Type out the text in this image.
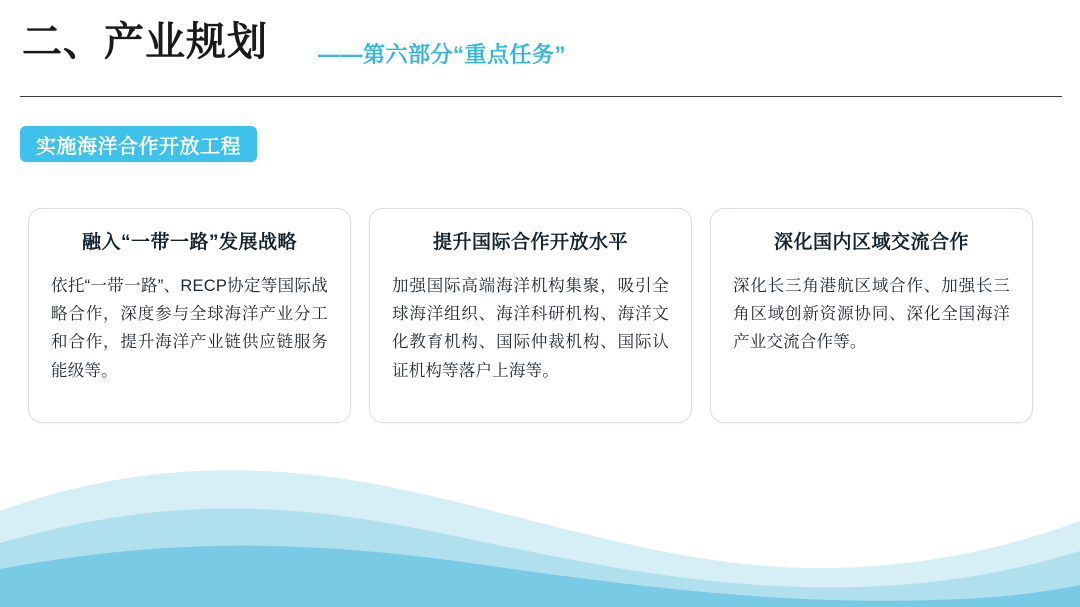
二、产业规划 ——第六部分“重点任务”
实施海洋合作开放工程
融入“一带一路”发展战略
依托“一带一路”、RECP协定等国际战略合作，深度参与全球海洋产业分工和合作，提升海洋产业链供应链服务能级等。
提升国际合作开放水平
加强国际高端海洋机构集聚，吸引全球海洋组织、海洋科研机构、海洋文化教育机构、国际仲裁机构、国际认证机构等落户上海等。
深化国内区域交流合作
深化长三角港航区域合作、加强长三角区域创新资源协同、深化全国海洋产业交流合作等。
